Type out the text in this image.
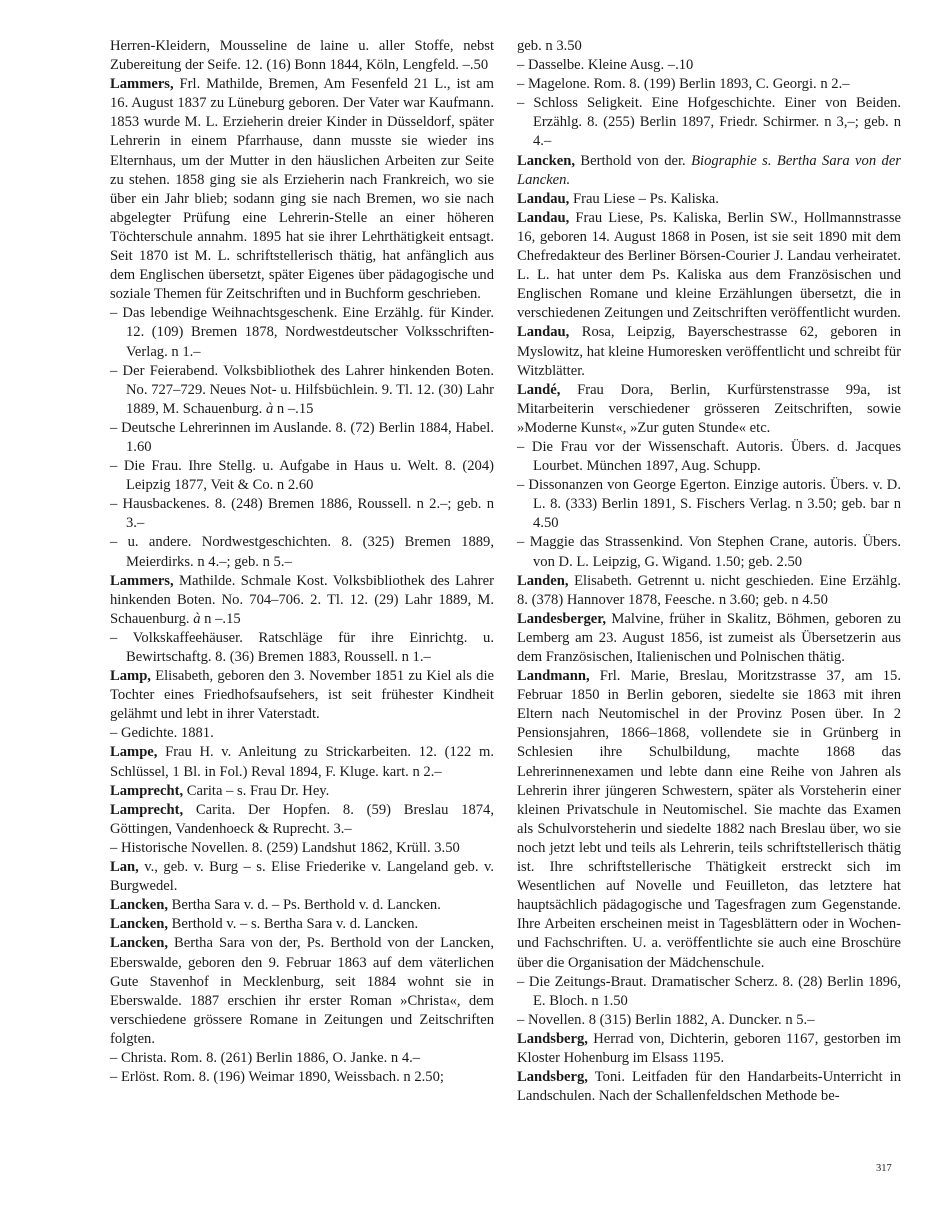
Herren-Kleidern, Mousseline de laine u. aller Stoffe, nebst Zubereitung der Seife. 12. (16) Bonn 1844, Köln, Lengfeld. –.50

Lammers, Frl. Mathilde, Bremen, Am Fesenfeld 21 L., ist am 16. August 1837 zu Lüneburg geboren. Der Vater war Kaufmann. 1853 wurde M. L. Erzieherin dreier Kinder in Düsseldorf, später Lehrerin in einem Pfarrhause, dann musste sie wieder ins Elternhaus, um der Mutter in den häuslichen Arbeiten zur Seite zu stehen. 1858 ging sie als Erzieherin nach Frankreich, wo sie über ein Jahr blieb; sodann ging sie nach Bremen, wo sie nach abgelegter Prüfung eine Lehrerin-Stelle an einer höheren Töchterschule annahm. 1895 hat sie ihrer Lehrthätigkeit entsagt. Seit 1870 ist M. L. schriftstellerisch thätig, hat anfänglich aus dem Englischen übersetzt, später Eigenes über pädagogische und soziale Themen für Zeitschriften und in Buchform geschrieben.

– Das lebendige Weihnachtsgeschenk. Eine Erzählg. für Kinder. 12. (109) Bremen 1878, Nordwestdeutscher Volksschriften-Verlag. n 1.–

– Der Feierabend. Volksbibliothek des Lahrer hinkenden Boten. No. 727–729. Neues Not- u. Hilfsbüchlein. 9. Tl. 12. (30) Lahr 1889, M. Schauenburg. à n –.15

– Deutsche Lehrerinnen im Auslande. 8. (72) Berlin 1884, Habel. 1.60

– Die Frau. Ihre Stellg. u. Aufgabe in Haus u. Welt. 8. (204) Leipzig 1877, Veit & Co. n 2.60

– Hausbackenes. 8. (248) Bremen 1886, Roussell. n 2.–; geb. n 3.–

– u. andere. Nordwestgeschichten. 8. (325) Bremen 1889, Meierdirks. n 4.–; geb. n 5.–

Lammers, Mathilde. Schmale Kost. Volksbibliothek des Lahrer hinkenden Boten. No. 704–706. 2. Tl. 12. (29) Lahr 1889, M. Schauenburg. à n –.15

– Volkskaffeehäuser. Ratschläge für ihre Einrichtg. u. Bewirtschaftg. 8. (36) Bremen 1883, Roussell. n 1.–

Lamp, Elisabeth, geboren den 3. November 1851 zu Kiel als die Tochter eines Friedhofsaufsehers, ist seit frühester Kindheit gelähmt und lebt in ihrer Vaterstadt.

– Gedichte. 1881.

Lampe, Frau H. v. Anleitung zu Strickarbeiten. 12. (122 m. Schlüssel, 1 Bl. in Fol.) Reval 1894, F. Kluge. kart. n 2.–

Lamprecht, Carita – s. Frau Dr. Hey.

Lamprecht, Carita. Der Hopfen. 8. (59) Breslau 1874, Göttingen, Vandenhoeck & Ruprecht. 3.–

– Historische Novellen. 8. (259) Landshut 1862, Krüll. 3.50

Lan, v., geb. v. Burg – s. Elise Friederike v. Langeland geb. v. Burgwedel.

Lancken, Bertha Sara v. d. – Ps. Berthold v. d. Lancken.

Lancken, Berthold v. – s. Bertha Sara v. d. Lancken.

Lancken, Bertha Sara von der, Ps. Berthold von der Lancken, Eberswalde, geboren den 9. Februar 1863 auf dem väterlichen Gute Stavenhof in Mecklenburg, seit 1884 wohnt sie in Eberswalde. 1887 erschien ihr erster Roman »Christa«, dem verschiedene grössere Romane in Zeitungen und Zeitschriften folgten.

– Christa. Rom. 8. (261) Berlin 1886, O. Janke. n 4.–

– Erlöst. Rom. 8. (196) Weimar 1890, Weissbach. n 2.50;

geb. n 3.50

– Dasselbe. Kleine Ausg. –.10

– Magelone. Rom. 8. (199) Berlin 1893, C. Georgi. n 2.–

– Schloss Seligkeit. Eine Hofgeschichte. Einer von Beiden. Erzählg. 8. (255) Berlin 1897, Friedr. Schirmer. n 3,–; geb. n 4.–

Lancken, Berthold von der. Biographie s. Bertha Sara von der Lancken.

Landau, Frau Liese – Ps. Kaliska.

Landau, Frau Liese, Ps. Kaliska, Berlin SW., Hollmannstrasse 16, geboren 14. August 1868 in Posen, ist sie seit 1890 mit dem Chefredakteur des Berliner Börsen-Courier J. Landau verheiratet. L. L. hat unter dem Ps. Kaliska aus dem Französischen und Englischen Romane und kleine Erzählungen übersetzt, die in verschiedenen Zeitungen und Zeitschriften veröffentlicht wurden.

Landau, Rosa, Leipzig, Bayerschestrasse 62, geboren in Myslowitz, hat kleine Humoresken veröffentlicht und schreibt für Witzblätter.

Landé, Frau Dora, Berlin, Kurfürstenstrasse 99a, ist Mitarbeiterin verschiedener grösseren Zeitschriften, sowie »Moderne Kunst«, »Zur guten Stunde« etc.

– Die Frau vor der Wissenschaft. Autoris. Übers. d. Jacques Lourbet. München 1897, Aug. Schupp.

– Dissonanzen von George Egerton. Einzige autoris. Übers. v. D. L. 8. (333) Berlin 1891, S. Fischers Verlag. n 3.50; geb. bar n 4.50

– Maggie das Strassenkind. Von Stephen Crane, autoris. Übers. von D. L. Leipzig, G. Wigand. 1.50; geb. 2.50

Landen, Elisabeth. Getrennt u. nicht geschieden. Eine Erzählg. 8. (378) Hannover 1878, Feesche. n 3.60; geb. n 4.50

Landesberger, Malvine, früher in Skalitz, Böhmen, geboren zu Lemberg am 23. August 1856, ist zumeist als Übersetzerin aus dem Französischen, Italienischen und Polnischen thätig.

Landmann, Frl. Marie, Breslau, Moritzstrasse 37, am 15. Februar 1850 in Berlin geboren, siedelte sie 1863 mit ihren Eltern nach Neutomischel in der Provinz Posen über. In 2 Pensionsjahren, 1866–1868, vollendete sie in Grünberg in Schlesien ihre Schulbildung, machte 1868 das Lehrerinnenexamen und lebte dann eine Reihe von Jahren als Lehrerin ihrer jüngeren Schwestern, später als Vorsteherin einer kleinen Privatschule in Neutomischel. Sie machte das Examen als Schulvorsteherin und siedelte 1882 nach Breslau über, wo sie noch jetzt lebt und teils als Lehrerin, teils schriftstellerisch thätig ist. Ihre schriftstellerische Thätigkeit erstreckt sich im Wesentlichen auf Novelle und Feuilleton, das letztere hat hauptsächlich pädagogische und Tagesfragen zum Gegenstande. Ihre Arbeiten erscheinen meist in Tagesblättern oder in Wochen- und Fachschriften. U. a. veröffentlichte sie auch eine Broschüre über die Organisation der Mädchenschule.

– Die Zeitungs-Braut. Dramatischer Scherz. 8. (28) Berlin 1896, E. Bloch. n 1.50

– Novellen. 8 (315) Berlin 1882, A. Duncker. n 5.–

Landsberg, Herrad von, Dichterin, geboren 1167, gestorben im Kloster Hohenburg im Elsass 1195.

Landsberg, Toni. Leitfaden für den Handarbeits-Unterricht in Landschulen. Nach der Schallenfeldschen Methode be-

317
